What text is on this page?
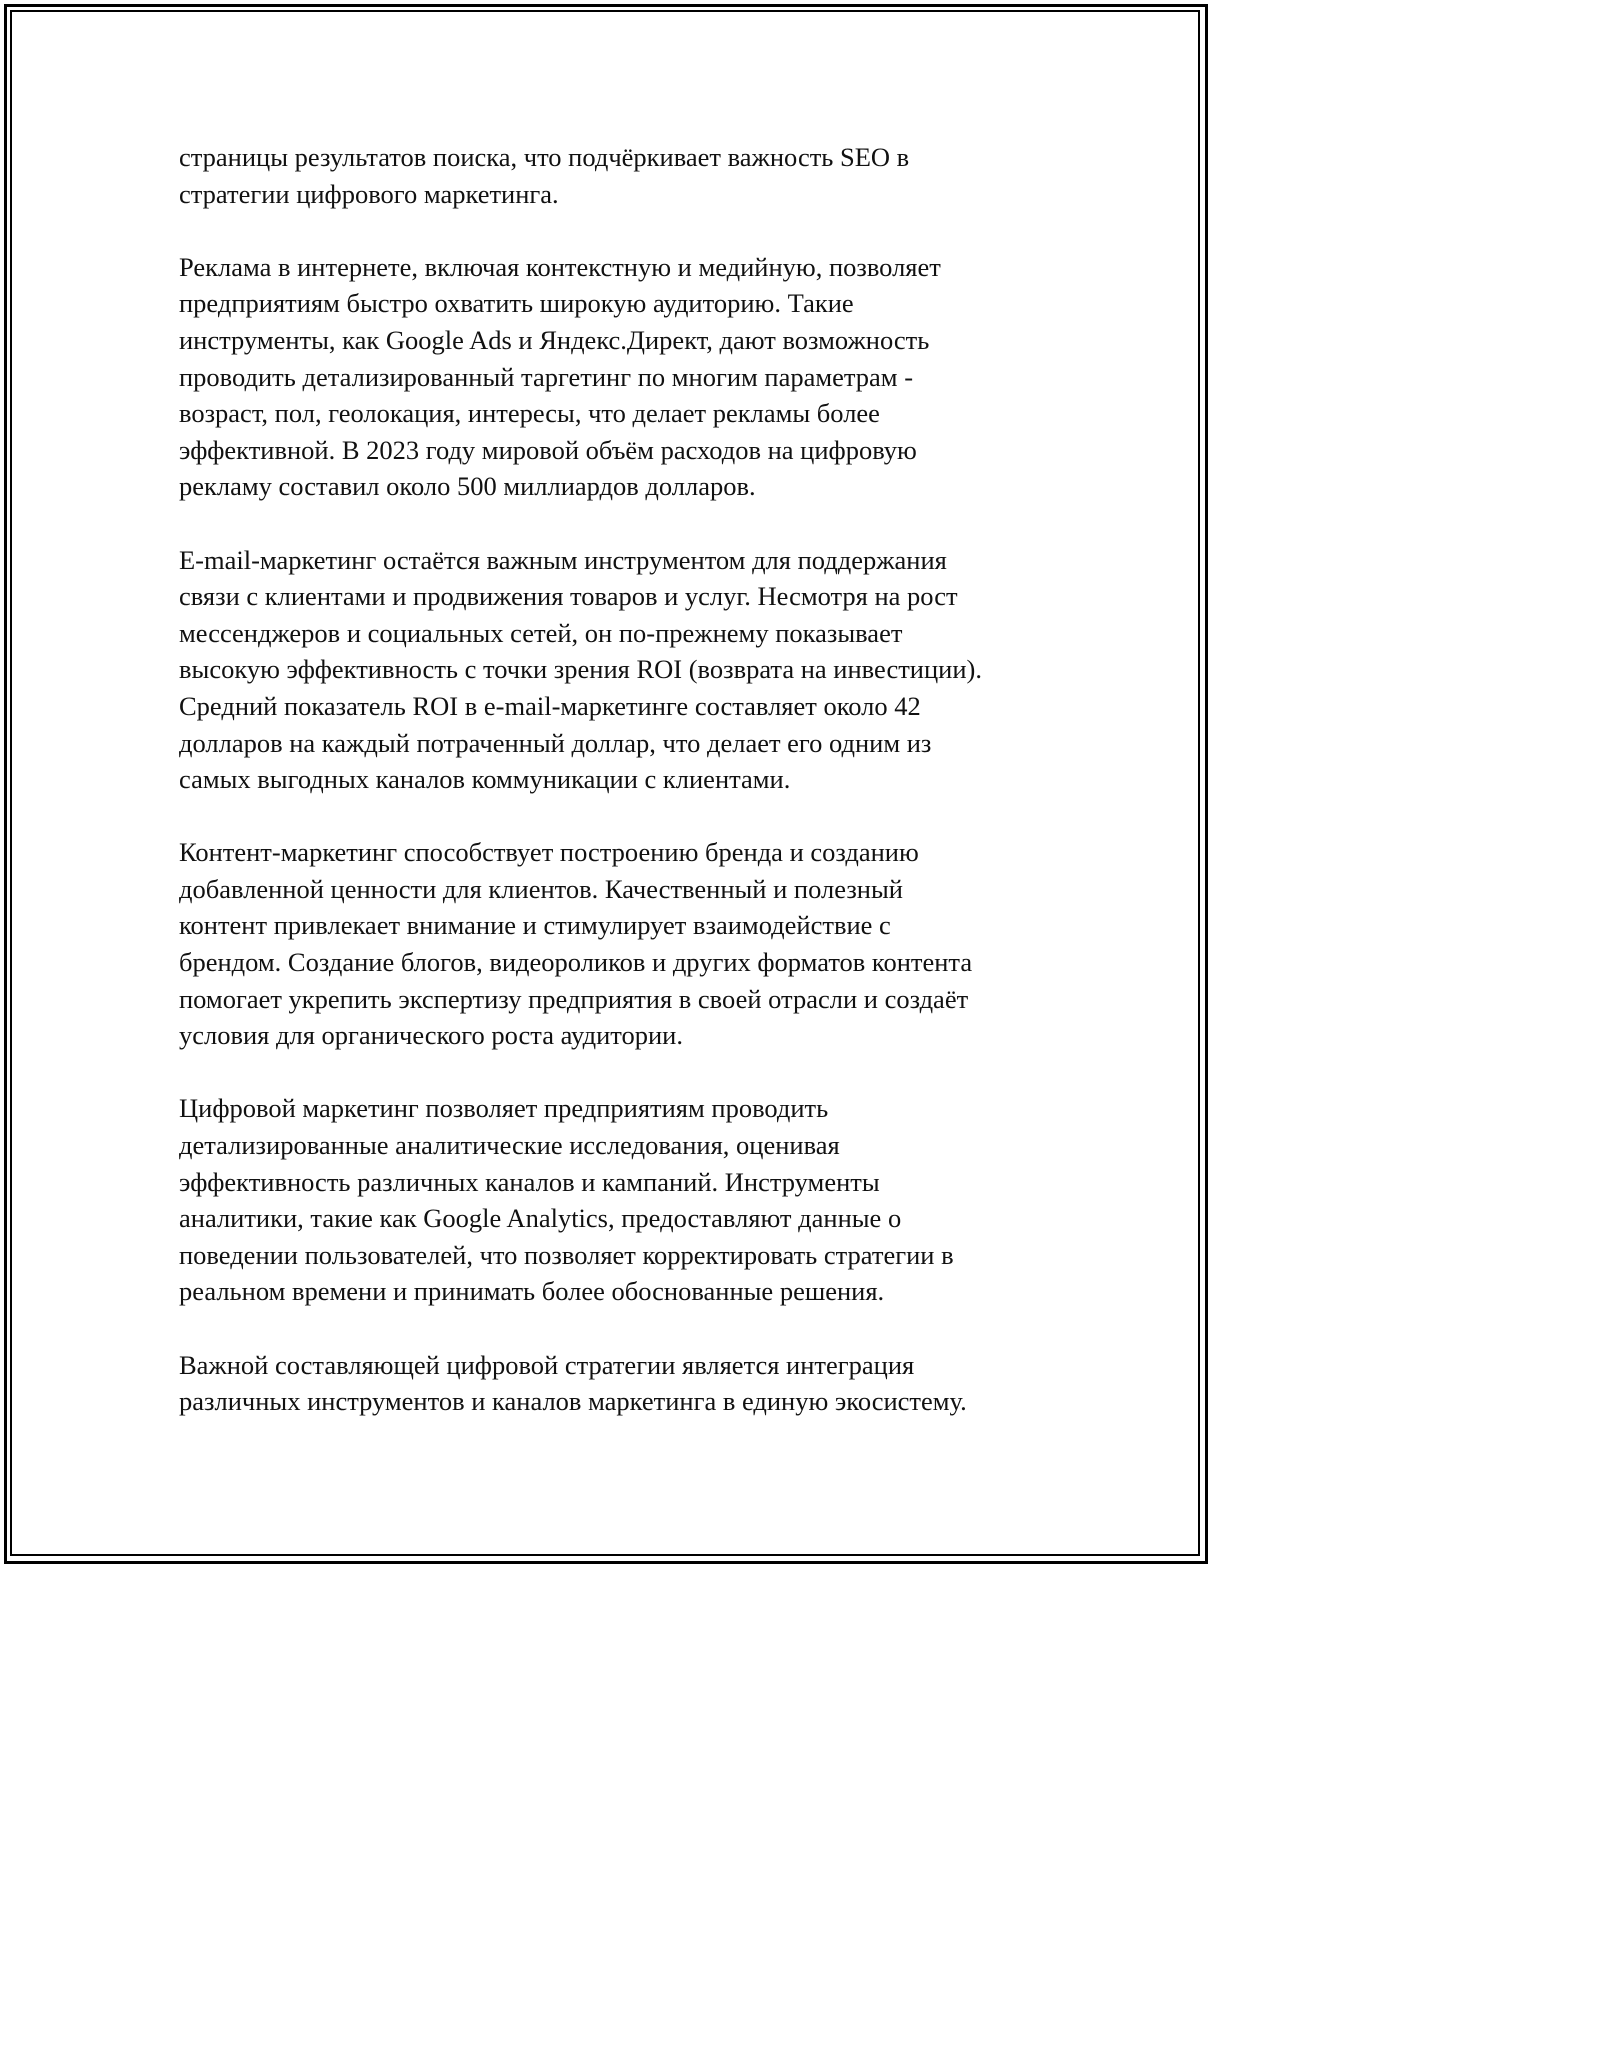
страницы результатов поиска, что подчёркивает важность SEO в
стратегии цифрового маркетинга.

Реклама в интернете, включая контекстную и медийную, позволяет
предприятиям быстро охватить широкую аудиторию. Такие
инструменты, как Google Ads и Яндекс.Директ, дают возможность
проводить детализированный таргетинг по многим параметрам -
возраст, пол, геолокация, интересы, что делает рекламы более
эффективной. В 2023 году мировой объём расходов на цифровую
рекламу составил около 500 миллиардов долларов.

E-mail-маркетинг остаётся важным инструментом для поддержания
связи с клиентами и продвижения товаров и услуг. Несмотря на рост
мессенджеров и социальных сетей, он по-прежнему показывает
высокую эффективность с точки зрения ROI (возврата на инвестиции).
Средний показатель ROI в e-mail-маркетинге составляет около 42
долларов на каждый потраченный доллар, что делает его одним из
самых выгодных каналов коммуникации с клиентами.

Контент-маркетинг способствует построению бренда и созданию
добавленной ценности для клиентов. Качественный и полезный
контент привлекает внимание и стимулирует взаимодействие с
брендом. Создание блогов, видеороликов и других форматов контента
помогает укрепить экспертизу предприятия в своей отрасли и создаёт
условия для органического роста аудитории.

Цифровой маркетинг позволяет предприятиям проводить
детализированные аналитические исследования, оценивая
эффективность различных каналов и кампаний. Инструменты
аналитики, такие как Google Analytics, предоставляют данные о
поведении пользователей, что позволяет корректировать стратегии в
реальном времени и принимать более обоснованные решения.

Важной составляющей цифровой стратегии является интеграция
различных инструментов и каналов маркетинга в единую экосистему.
